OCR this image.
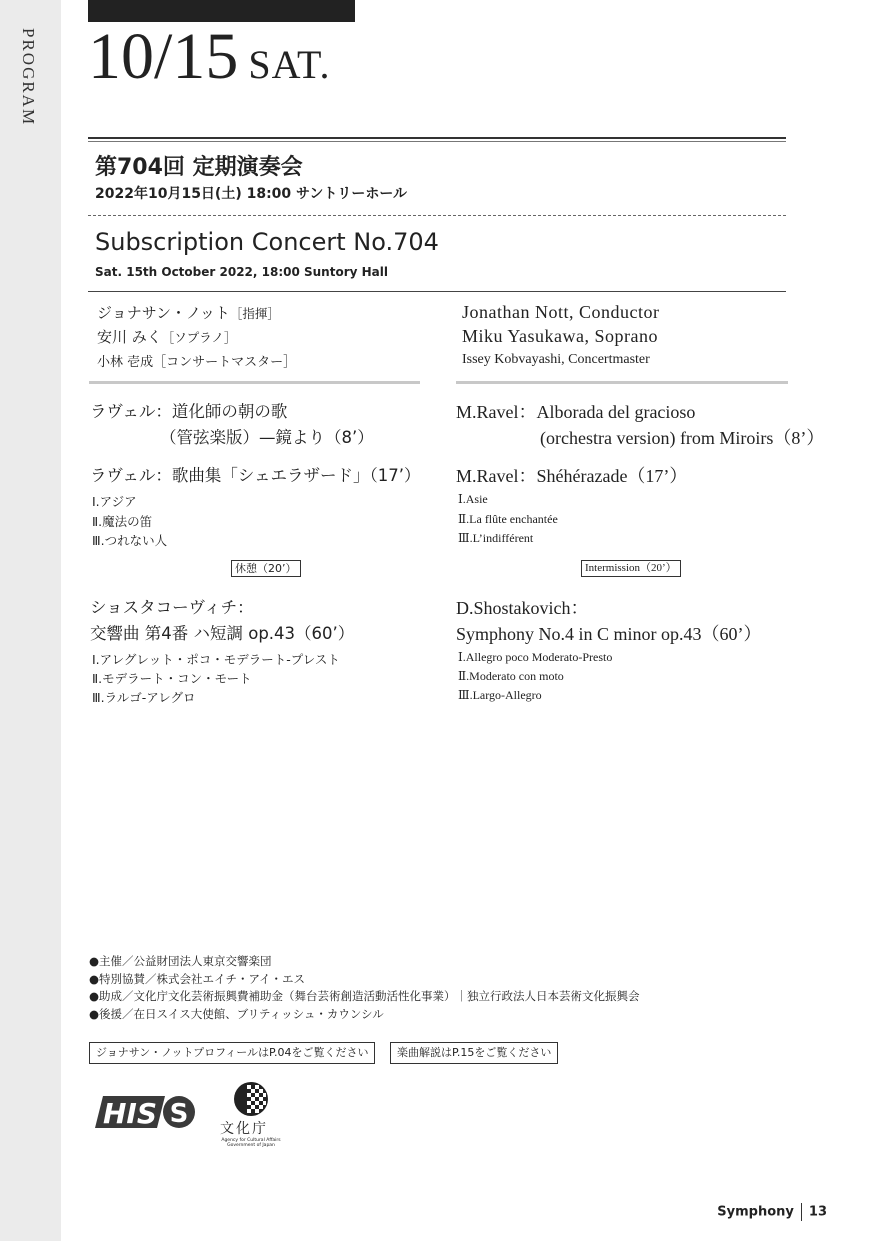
PROGRAM 10/15 SAT.
第704回 定期演奏会
2022年10月15日(土) 18:00 サントリーホール
Subscription Concert No.704
Sat. 15th October 2022, 18:00 Suntory Hall
ジョナサン・ノット［指揮］
安川 みく［ソプラノ］
小林 壱成［コンサートマスター］
Jonathan Nott, Conductor
Miku Yasukawa, Soprano
Issey Kobvayashi, Concertmaster
ラヴェル：道化師の朝の歌
（管弦楽版）—鏡より（8’）
ラヴェル：歌曲集「シェエラザード」（17’）
Ⅰ.アジア
Ⅱ.魔法の笛
Ⅲ.つれない人
休憩（20’）
ショスタコーヴィチ：
交響曲 第4番 ハ短調 op.43（60’）
Ⅰ.アレグレット・ポコ・モデラート-プレスト
Ⅱ.モデラート・コン・モート
Ⅲ.ラルゴ-アレグロ
M.Ravel：Alborada del gracioso
(orchestra version) from Miroirs（8’）
M.Ravel：Shéhérazade（17’）
Ⅰ.Asie
Ⅱ.La flûte enchantée
Ⅲ.L’indifférent
Intermission（20’）
D.Shostakovich：
Symphony No.4 in C minor op.43（60’）
Ⅰ.Allegro poco Moderato-Presto
Ⅱ.Moderato con moto
Ⅲ.Largo-Allegro
●主催／公益財団法人東京交響楽団
●特別協賛／株式会社エイチ・アイ・エス
●助成／文化庁文化芸術振興費補助金（舞台芸術創造活動活性化事業）｜独立行政法人日本芸術文化振興会
●後援／在日スイス大使館、ブリティッシュ・カウンシル
ジョナサン・ノットプロフィールはP.04をご覧ください	楽曲解説はP.15をご覧ください
HIS S 文化庁
Agency for Cultural Affairs Government of Japan
Symphony 13
